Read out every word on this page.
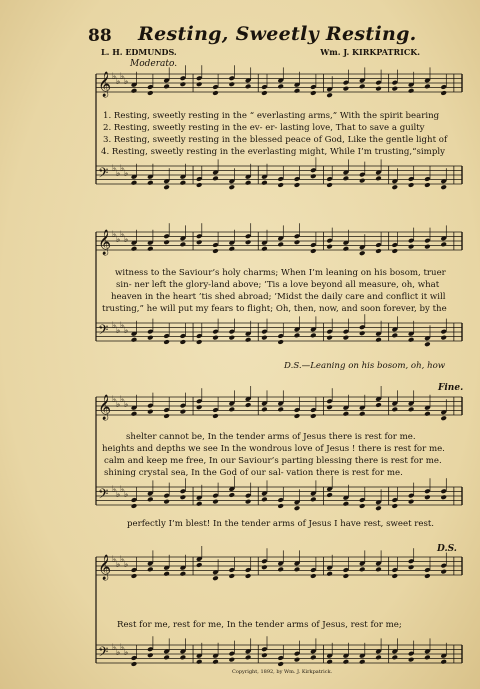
88 Resting, Sweetly Resting.
L. H. EDMUNDS.	Wm. J. KIRKPATRICK.
Moderato.
𝄞 ♭ ♭ ♭ ♭
𝄢 ♭ ♭ ♭ ♭
𝄞 ♭ ♭ ♭ ♭
𝄢 ♭ ♭ ♭ ♭
𝄞 ♭ ♭ ♭ ♭
𝄢 ♭ ♭ ♭ ♭
𝄞 ♭ ♭ ♭ ♭
𝄢 ♭ ♭ ♭ ♭
1. Resting, sweetly resting in the “ everlasting arms,” With the spirit bearing
2. Resting, sweetly resting in the ev- er- lasting love, That to save a guilty
3. Resting, sweetly resting in the blessed peace of God, Like the gentle light of
4. Resting, sweetly resting in the everlasting might, While I’m trusting,“simply
witness to the Saviour’s holy charms; When I’m leaning on his bosom, truer
sin- ner left the glory-land above; ’Tis a love beyond all measure, oh, what
heaven in the heart ’tis shed abroad; ’Midst the daily care and conflict it will
trusting,” he will put my fears to flight; Oh, then, now, and soon forever, by the
D.S.—Leaning on his bosom, oh, how
Fine.
shelter cannot be, In the tender arms of Jesus there is rest for me.
heights and depths we see In the wondrous love of Jesus ! there is rest for me.
calm and keep me free, In our Saviour’s parting blessing there is rest for me.
shining crystal sea, In the God of our sal- vation there is rest for me.
perfectly I’m blest! In the tender arms of Jesus I have rest, sweet rest.
D.S.
Rest for me, rest for me, In the tender arms of Jesus, rest for me;
Copyright, 1892, by Wm. J. Kirkpatrick.
